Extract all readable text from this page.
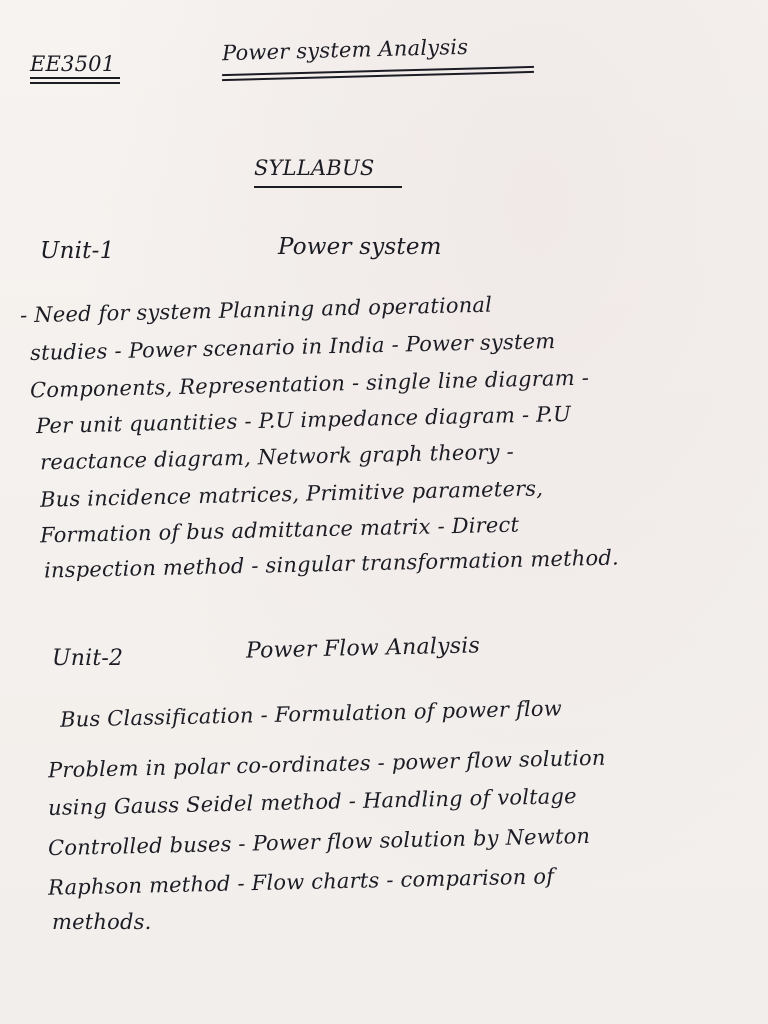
EE3501	Power system Analysis
SYLLABUS
Unit-1	Power system
- Need for system Planning and operational
studies - Power scenario in India - Power system
Components, Representation - single line diagram -
Per unit quantities - P.U impedance diagram - P.U
reactance diagram, Network graph theory -
Bus incidence matrices, Primitive parameters,
Formation of bus admittance matrix - Direct
inspection method - singular transformation method.
Unit-2	Power Flow Analysis
Bus Classification - Formulation of power flow
Problem in polar co-ordinates - power flow solution
using Gauss Seidel method - Handling of voltage
Controlled buses - Power flow solution by Newton
Raphson method - Flow charts - comparison of
methods.
